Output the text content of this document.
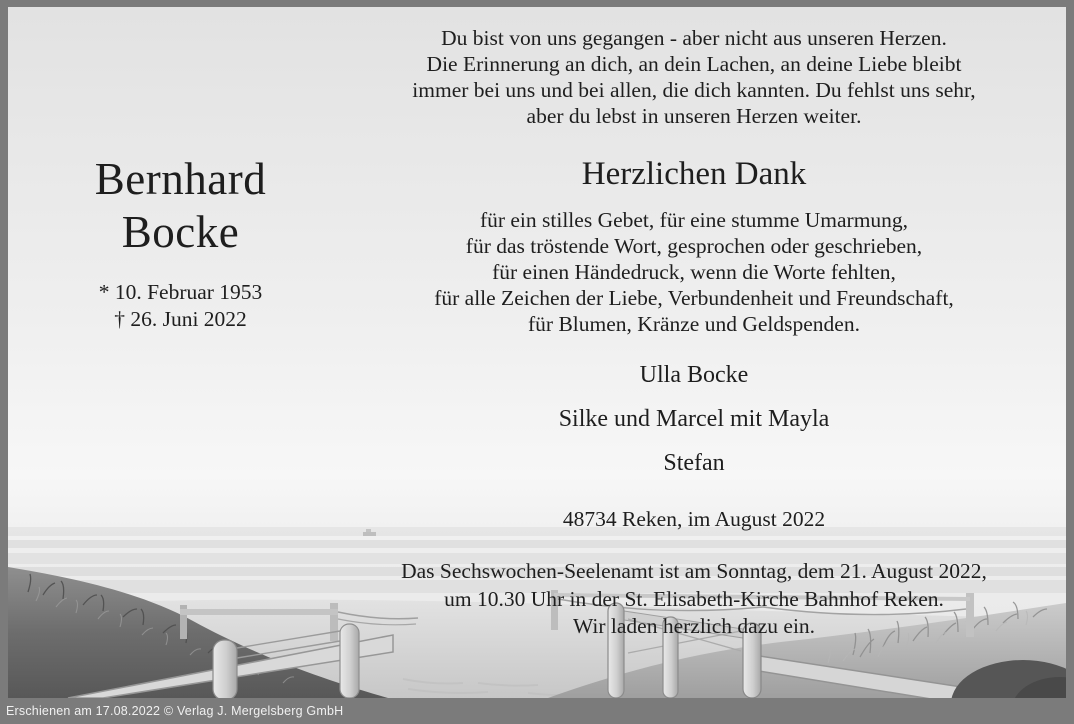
Du bist von uns gegangen - aber nicht aus unseren Herzen.
Die Erinnerung an dich, an dein Lachen, an deine Liebe bleibt
immer bei uns und bei allen, die dich kannten. Du fehlst uns sehr,
aber du lebst in unseren Herzen weiter.
Bernhard
Bocke
* 10. Februar 1953
† 26. Juni 2022
Herzlichen Dank
für ein stilles Gebet, für eine stumme Umarmung,
für das tröstende Wort, gesprochen oder geschrieben,
für einen Händedruck, wenn die Worte fehlten,
für alle Zeichen der Liebe, Verbundenheit und Freundschaft,
für Blumen, Kränze und Geldspenden.
Ulla Bocke
Silke und Marcel mit Mayla
Stefan
48734 Reken, im August 2022
Das Sechswochen-Seelenamt ist am Sonntag, dem 21. August 2022,
um 10.30 Uhr in der St. Elisabeth-Kirche Bahnhof Reken.
Wir laden herzlich dazu ein.
Erschienen am 17.08.2022 © Verlag J. Mergelsberg GmbH
